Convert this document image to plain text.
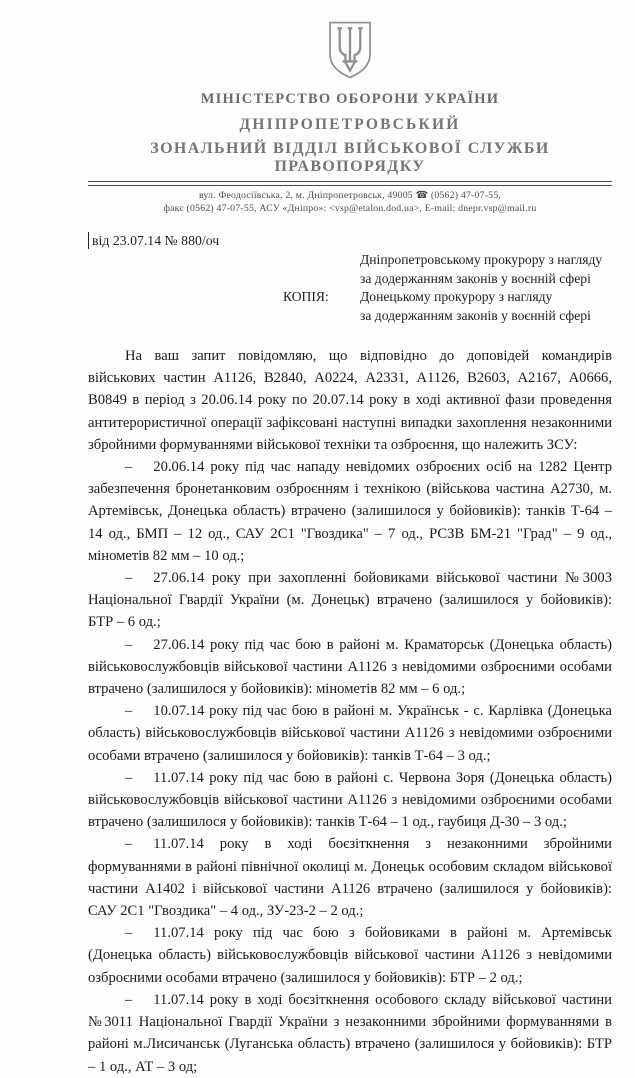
МІНІСТЕРСТВО ОБОРОНИ УКРАЇНИ
ДНІПРОПЕТРОВСЬКИЙ
ЗОНАЛЬНИЙ ВІДДІЛ ВІЙСЬКОВОЇ СЛУЖБИ ПРАВОПОРЯДКУ
вул. Феодосіївська, 2, м. Дніпропетровськ, 49005 ☎ (0562) 47-07-55,
факс (0562) 47-07-55, АСУ «Дніпро»: <vsp@etalon.dod.ua>, E-mail: dnepr.vsp@mail.ru
від 23.07.14 № 880/оч
КОПІЯ:
Дніпропетровському прокурору з нагляду
за додержанням законів у воєнній сфері
Донецькому прокурору з нагляду
за додержанням законів у воєнній сфері

На ваш запит повідомляю, що відповідно до доповідей командирів військових частин А1126, В2840, А0224, А2331, А1126, В2603, А2167, А0666, В0849 в період з 20.06.14 року по 20.07.14 року в ході активної фази проведення антитерористичної операції зафіксовані наступні випадки захоплення незаконними збройними формуваннями військової техніки та озброєння, що належить ЗСУ:

– 20.06.14 року під час нападу невідомих озброєних осіб на 1282 Центр забезпечення бронетанковим озброєнням і технікою (військова частина А2730, м. Артемівськ, Донецька область) втрачено (залишилося у бойовиків): танків Т-64 – 14 од., БМП – 12 од., САУ 2С1 "Гвоздика" – 7 од., РСЗВ БМ-21 "Град" – 9 од., мінометів 82 мм – 10 од.;

– 27.06.14 року при захопленні бойовиками військової частини №3003 Національної Гвардії України (м. Донецьк) втрачено (залишилося у бойовиків): БТР – 6 од.;

– 27.06.14 року під час бою в районі м. Краматорськ (Донецька область) військовослужбовців військової частини А1126 з невідомими озброєними особами втрачено (залишилося у бойовиків): мінометів 82 мм – 6 од.;

– 10.07.14 року під час бою в районі м. Українськ - с. Карлівка (Донецька область) військовослужбовців військової частини А1126 з невідомими озброєними особами втрачено (залишилося у бойовиків): танків Т-64 – 3 од.;

– 11.07.14 року під час бою в районі с. Червона Зоря (Донецька область) військовослужбовців військової частини А1126 з невідомими озброєними особами втрачено (залишилося у бойовиків): танків Т-64 – 1 од., гаубиця Д-30 – 3 од.;

– 11.07.14 року в ході боєзіткнення з незаконними збройними формуваннями в районі північної околиці м. Донецьк особовим складом військової частини А1402 і військової частини А1126 втрачено (залишилося у бойовиків): САУ 2С1 "Гвоздика" – 4 од., ЗУ-23-2 – 2 од.;

– 11.07.14 року під час бою з бойовиками в районі м. Артемівськ (Донецька область) військовослужбовців військової частини А1126 з невідомими озброєними особами втрачено (залишилося у бойовиків): БТР – 2 од.;

– 11.07.14 року в ході боєзіткнення особового складу військової частини №3011 Національної Гвардії України з незаконними збройними формуваннями в районі м.Лисичанськ (Луганська область) втрачено (залишилося у бойовиків): БТР – 1 од., АТ – 3 од;
